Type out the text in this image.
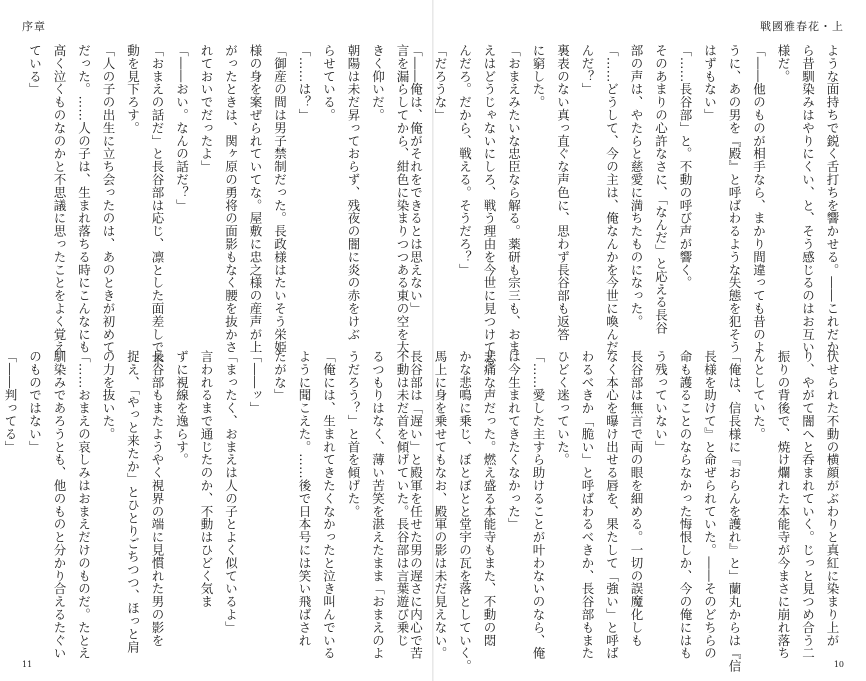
序章
言を漏らしてから、紺色に染まりつつある東の空を大
きく仰いだ。
朝陽は未だ昇っておらず、残夜の闇に炎の赤をけぶ
らせている。
「……は？」
「御産の間は男子禁制だった。長政様はたいそう栄姫
様の身を案ぜられていてな。屋敷に忠之様の産声が上
がったときは、関ヶ原の勇将の面影もなく腰を抜かさ
れておいでだったよ」
「――おい。なんの話だ？」
「おまえの話だ」と長谷部は応じ、凛とした面差しで不
動を見下ろす。
「人の子の出生に立ち会ったのは、あのときが初めて
だった。……人の子は、生まれ落ちる時にこんなにも
高く泣くものなのかと不思議に思ったことをよく覚え
ている」
不動は未だ首を傾げていた。長谷部は言葉遊び乗じ
るつもりはなく、薄い苦笑を湛えたまま「おまえのよ
うだろう？」と首を傾げた。
「俺には、生まれてきたくなかったと泣き叫んでいる
ように聞こえた。……後で日本号には笑い飛ばされ
たがな」
「――ッ」
「まったく、おまえは人の子とよく似ているよ」
言われるまで通じたのか、不動はひどく気ま
ずに視線を逸らす。
長谷部もまたようやく視界の端に見慣れた男の影を
捉え、「やっと来たか」とひとりごちつつ、ほっと肩
の力を抜いた。
「……おまえの哀しみはおまえだけのものだ。たとえ
馴染みであろうとも、他のものと分かり合えるたぐい
のものではない」
「――判ってる」
11
戦國雅春花・上
ような面持ちで鋭く舌打ちを響かせる。――これだか
ら昔馴染みはやりにくい、と、そう感じるのはお互い
様だ。
「――他のものが相手なら、まかり間違っても昔のよ
うに、あの男を『殿』と呼ばわるような失態を犯そう
はずもない」
「……長谷部」と。不動の呼び声が響く。
そのあまりの心許なさに、「なんだ」と応える長谷
部の声は、やたらと慈愛に満ちたものになった。
「……どうして、今の主は、俺なんかを今世に喚んだ
んだ？」
裏表のない真っ直ぐな声色に、思わず長谷部も返答
に窮した。
「おまえみたいな忠臣なら解る。薬研も宗三も、おま
えはどうじゃないにしろ、戦う理由を今世に見つけてる
んだろ。だから、戦える。そうだろ？」
「だろうな」
「――俺は、俺がそれをできるとは思えない」
伏せられた不動の横顔がぶわりと真紅に染まり上が
り、やがて闇へと呑まれていく。じっと見つめ合う二
振りの背後で、焼け爛れた本能寺が今まさに崩れ落ち
んとしていた。
「俺は、信長様に『おらんを護れ』と」蘭丸からは『信
長様を助けて』と命ぜられていた。――そのどちらの
命も護ることのならなかった悔恨しか、今の俺にはも
う残っていない」
長谷部は無言で両の眼を細める。一切の誤魔化しも
なく本心を曝け出せる唇を、果たして「強い」と呼ば
わるべきか「脆い」と呼ばわるべきか、長谷部もまた
ひどく迷っていた。
「……愛した主すら助けることが叶わないのなら、俺
は今生まれてきたくなかった」
悲痛な声だった。燃え盛る本能寺もまた、不動の悶
かな悲鳴に乗じ、ぼとぼとと堂宇の瓦を落としていく。
馬上に身を乗せてもなお、殿軍の影は未だ見えない。
長谷部は「遅い」と殿軍を任せた男の遅さに内心で苦
10
